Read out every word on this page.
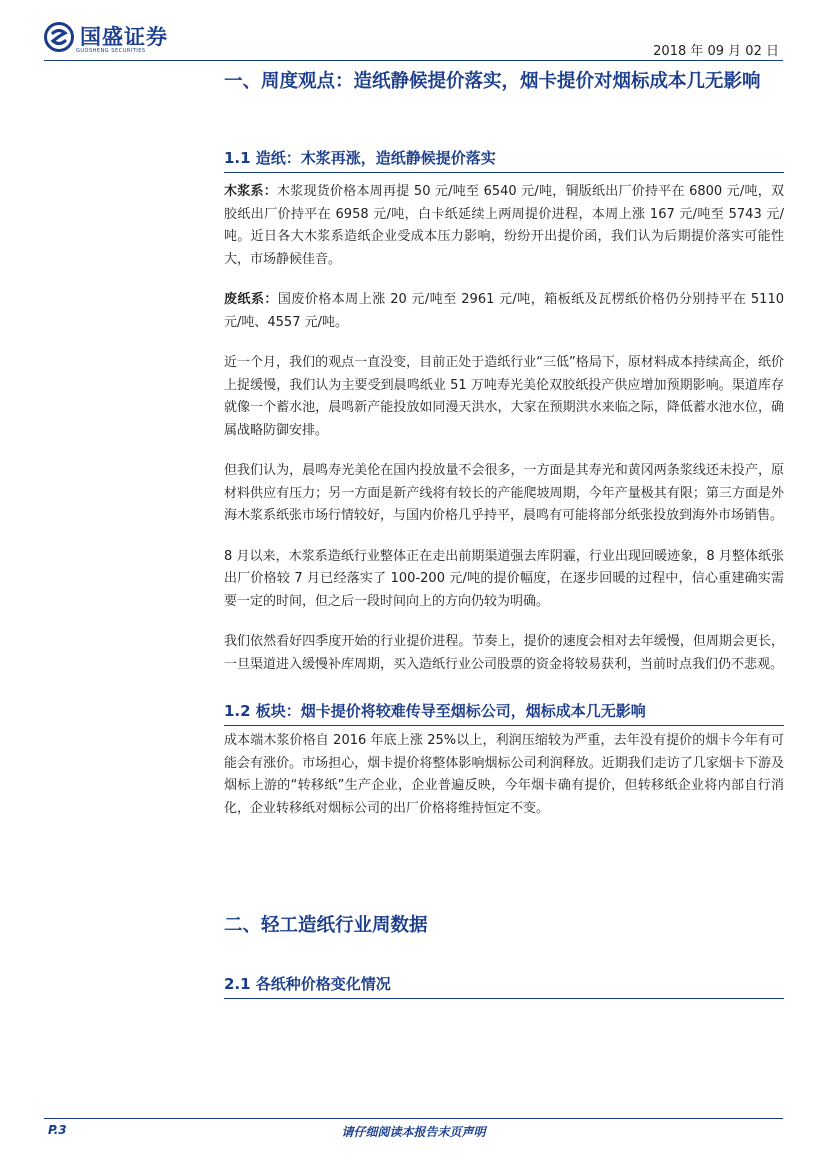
国盛证券
GUOSHENG SECURITIES	2018 年 09 月 02 日
一、周度观点：造纸静候提价落实，烟卡提价对烟标成本几无影响
1.1 造纸：木浆再涨，造纸静候提价落实

木浆系：木浆现货价格本周再提 50 元/吨至 6540 元/吨，铜版纸出厂价持平在 6800 元/吨，双胶纸出厂价持平在 6958 元/吨，白卡纸延续上两周提价进程，本周上涨 167 元/吨至 5743 元/吨。近日各大木浆系造纸企业受成本压力影响，纷纷开出提价函，我们认为后期提价落实可能性大，市场静候佳音。

废纸系：国废价格本周上涨 20 元/吨至 2961 元/吨，箱板纸及瓦楞纸价格仍分别持平在 5110 元/吨、4557 元/吨。

近一个月，我们的观点一直没变，目前正处于造纸行业“三低”格局下，原材料成本持续高企，纸价上捉缓慢，我们认为主要受到晨鸣纸业 51 万吨寿光美伦双胶纸投产供应增加预期影响。渠道库存就像一个蓄水池，晨鸣新产能投放如同漫天洪水，大家在预期洪水来临之际，降低蓄水池水位，确属战略防御安排。

但我们认为，晨鸣寿光美伦在国内投放量不会很多，一方面是其寿光和黄冈两条浆线还未投产，原材料供应有压力；另一方面是新产线将有较长的产能爬坡周期，今年产量极其有限；第三方面是外海木浆系纸张市场行情较好，与国内价格几乎持平，晨鸣有可能将部分纸张投放到海外市场销售。

8 月以来，木浆系造纸行业整体正在走出前期渠道强去库阴霾，行业出现回暖迹象，8 月整体纸张出厂价格较 7 月已经落实了 100-200 元/吨的提价幅度，在逐步回暖的过程中，信心重建确实需要一定的时间，但之后一段时间向上的方向仍较为明确。

我们依然看好四季度开始的行业提价进程。节奏上，提价的速度会相对去年缓慢，但周期会更长，一旦渠道进入缓慢补库周期，买入造纸行业公司股票的资金将较易获利，当前时点我们仍不悲观。

1.2 板块：烟卡提价将较难传导至烟标公司，烟标成本几无影响

成本端木浆价格自 2016 年底上涨 25%以上，利润压缩较为严重，去年没有提价的烟卡今年有可能会有涨价。市场担心，烟卡提价将整体影响烟标公司利润释放。近期我们走访了几家烟卡下游及烟标上游的“转移纸”生产企业，企业普遍反映，今年烟卡确有提价，但转移纸企业将内部自行消化，企业转移纸对烟标公司的出厂价格将维持恒定不变。

二、轻工造纸行业周数据
2.1 各纸种价格变化情况
P.3	请仔细阅读本报告末页声明
